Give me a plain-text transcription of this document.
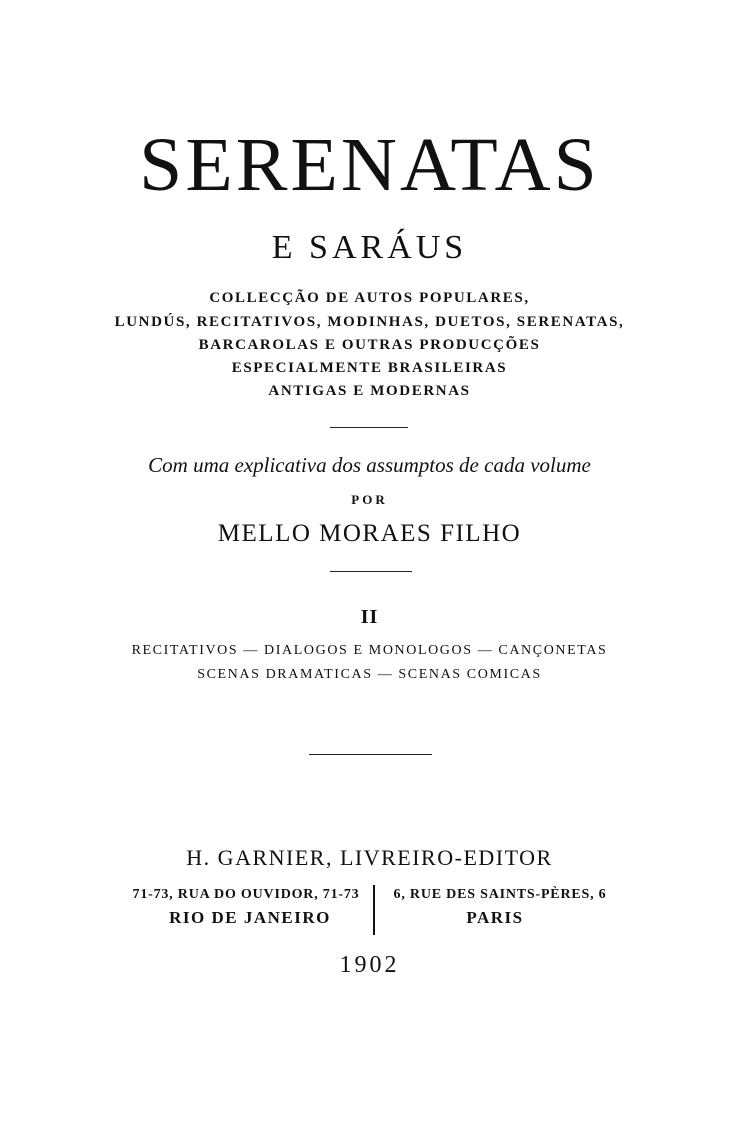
SERENATAS
E SARÁUS
COLLECÇÃO DE AUTOS POPULARES,
LUNDÚS, RECITATIVOS, MODINHAS, DUETOS, SERENATAS,
BARCAROLAS E OUTRAS PRODUCÇÕES
ESPECIALMENTE BRASILEIRAS
ANTIGAS E MODERNAS
Com uma explicativa dos assumptos de cada volume
POR
MELLO MORAES FILHO
II
RECITATIVOS — DIALOGOS E MONOLOGOS — CANÇONETAS
SCENAS DRAMATICAS — SCENAS COMICAS
H. GARNIER, LIVREIRO-EDITOR
71-73, RUA DO OUVIDOR, 71-73
RIO DE JANEIRO
6, RUE DES SAINTS-PÈRES, 6
PARIS
1902
